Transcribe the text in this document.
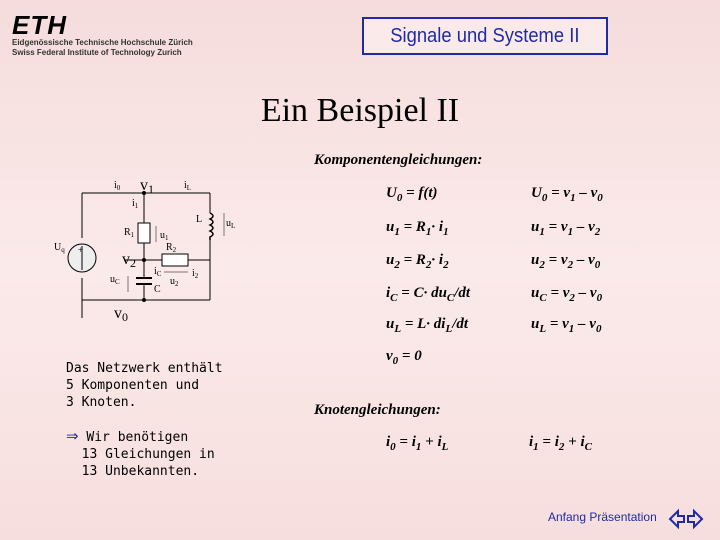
ETH
Eidgenössische Technische Hochschule Zürich
Swiss Federal Institute of Technology Zurich
Signale und Systeme II
Ein Beispiel II
+
$i_0$ v1	$i_L$
$i_1$
L $u_L$
$R_1$	$u_1$
$U_q$
v2
$R_2$
$u_2$
$i_2$
$i_C$
$u_C$
C
v0
Das Netzwerk enthält
5 Komponenten und
3 Knoten.
⇒ Wir benötigen
13 Gleichungen in
13 Unbekannten.
Komponentengleichungen:
$U_0 = f(t)$	$U_0 = v_1 - v_0$
$u_1 = R_1\cdot i_1$	$u_1 = v_1 - v_2$
$u_2 = R_2\cdot i_2$	$u_2 = v_2 - v_0$
$i_C = C\cdot du_C/dt$	$u_C = v_2 - v_0$
$u_L = L\cdot di_L/dt$	$u_L = v_1 - v_0$
$v_0 = 0$
Knotengleichungen:
$i_0 = i_1 + i_L$	$i_1 = i_2 + i_C$
Anfang Präsentation
